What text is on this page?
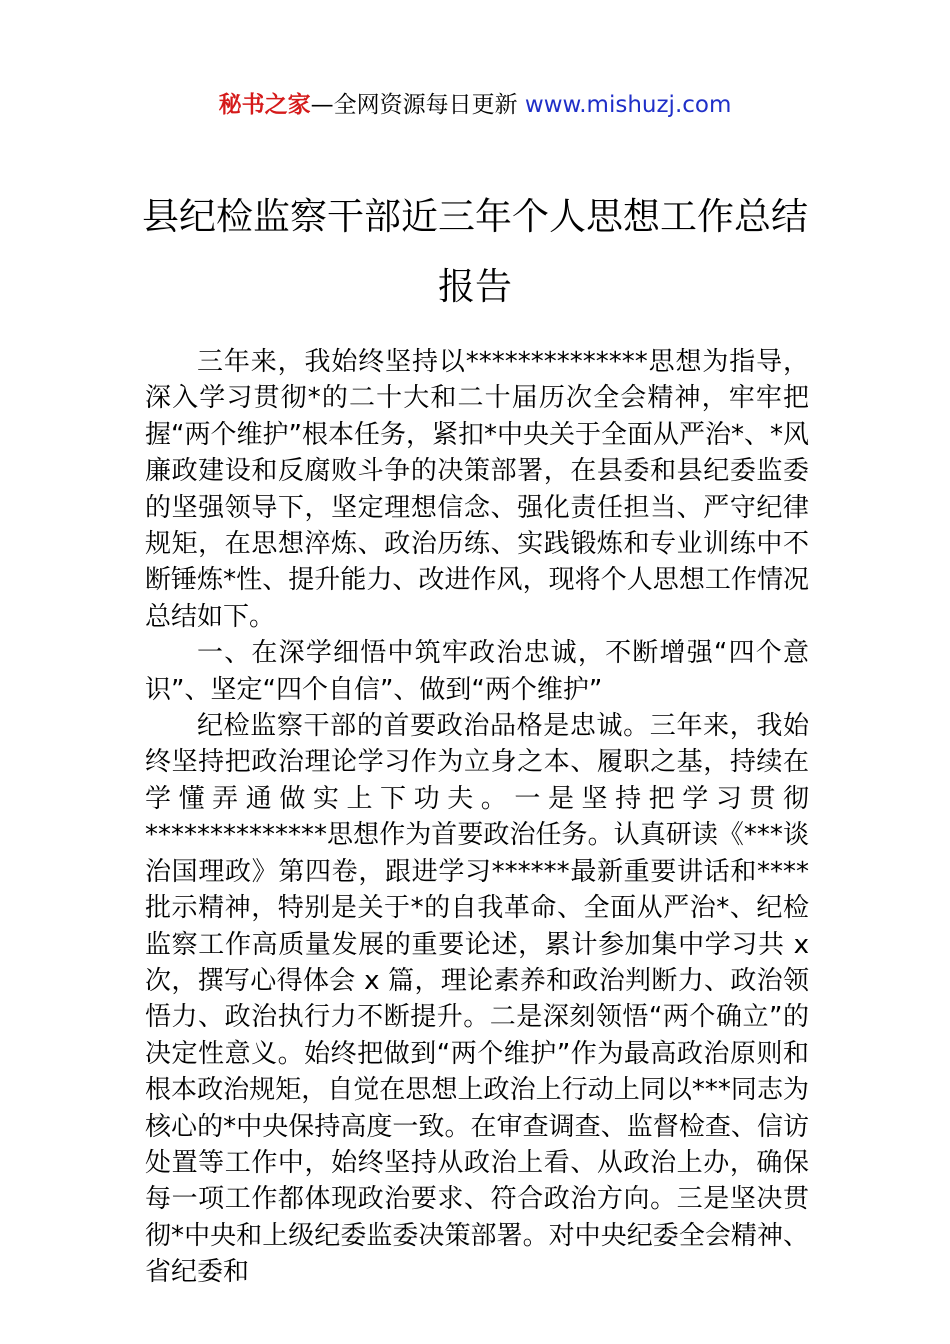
秘书之家—全网资源每日更新 www.mishuzj.com
县纪检监察干部近三年个人思想工作总结报告

三年来，我始终坚持以**************思想为指导，深入学习贯彻*的二十大和二十届历次全会精神，牢牢把握“两个维护”根本任务，紧扣*中央关于全面从严治*、*风廉政建设和反腐败斗争的决策部署，在县委和县纪委监委的坚强领导下，坚定理想信念、强化责任担当、严守纪律规矩，在思想淬炼、政治历练、实践锻炼和专业训练中不断锤炼*性、提升能力、改进作风，现将个人思想工作情况总结如下。

一、在深学细悟中筑牢政治忠诚，不断增强“四个意识”、坚定“四个自信”、做到“两个维护”

纪检监察干部的首要政治品格是忠诚。三年来，我始终坚持把政治理论学习作为立身之本、履职之基，持续在学懂弄通做实上下功夫。一是坚持把学习贯彻**************思想作为首要政治任务。认真研读《***谈治国理政》第四卷，跟进学习******最新重要讲话和****批示精神，特别是关于*的自我革命、全面从严治*、纪检监察工作高质量发展的重要论述，累计参加集中学习共 x 次，撰写心得体会 x 篇，理论素养和政治判断力、政治领悟力、政治执行力不断提升。二是深刻领悟“两个确立”的决定性意义。始终把做到“两个维护”作为最高政治原则和根本政治规矩，自觉在思想上政治上行动上同以***同志为核心的*中央保持高度一致。在审查调查、监督检查、信访处置等工作中，始终坚持从政治上看、从政治上办，确保每一项工作都体现政治要求、符合政治方向。三是坚决贯彻*中央和上级纪委监委决策部署。对中央纪委全会精神、省纪委和
